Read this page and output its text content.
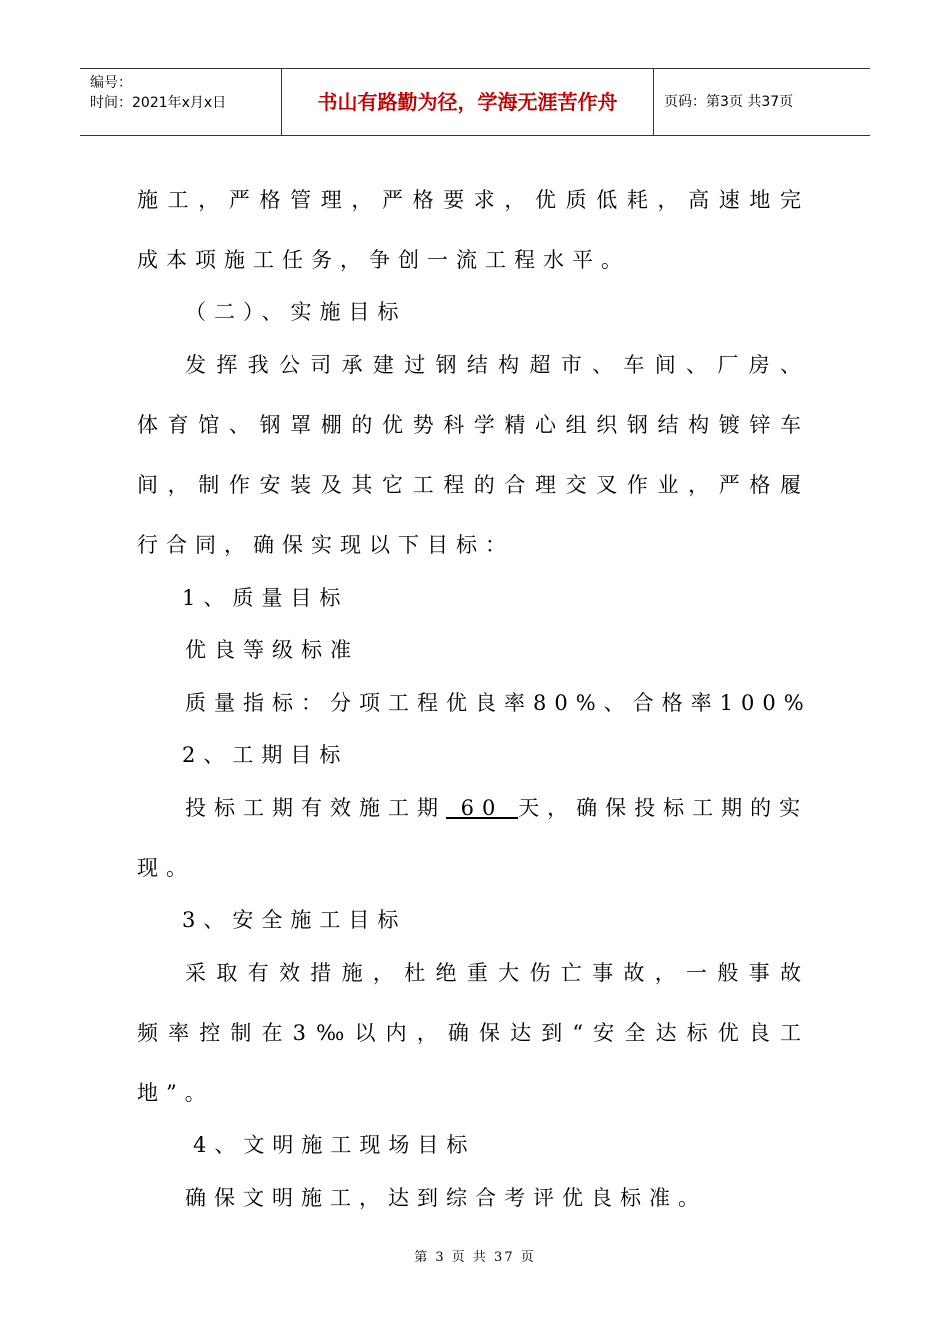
编号：
时间：2021年x月x日	书山有路勤为径，学海无涯苦作舟	页码：第3页 共37页
施工，严格管理，严格要求，优质低耗，高速地完
成本项施工任务，争创一流工程水平。
（二）、实施目标
发挥我公司承建过钢结构超市、车间、厂房、
体育馆、钢罩棚的优势科学精心组织钢结构镀锌车
间，制作安装及其它工程的合理交叉作业，严格履
行合同，确保实现以下目标：
1、质量目标
优良等级标准
质量指标：分项工程优良率80%、合格率100%
2、工期目标
投标工期有效施工期 60 天，确保投标工期的实
现。
3、安全施工目标
采取有效措施，杜绝重大伤亡事故，一般事故
频率控制在3‰以内，确保达到“安全达标优良工
地”。
4、文明施工现场目标
确保文明施工，达到综合考评优良标准。
第 3 页 共 37 页
